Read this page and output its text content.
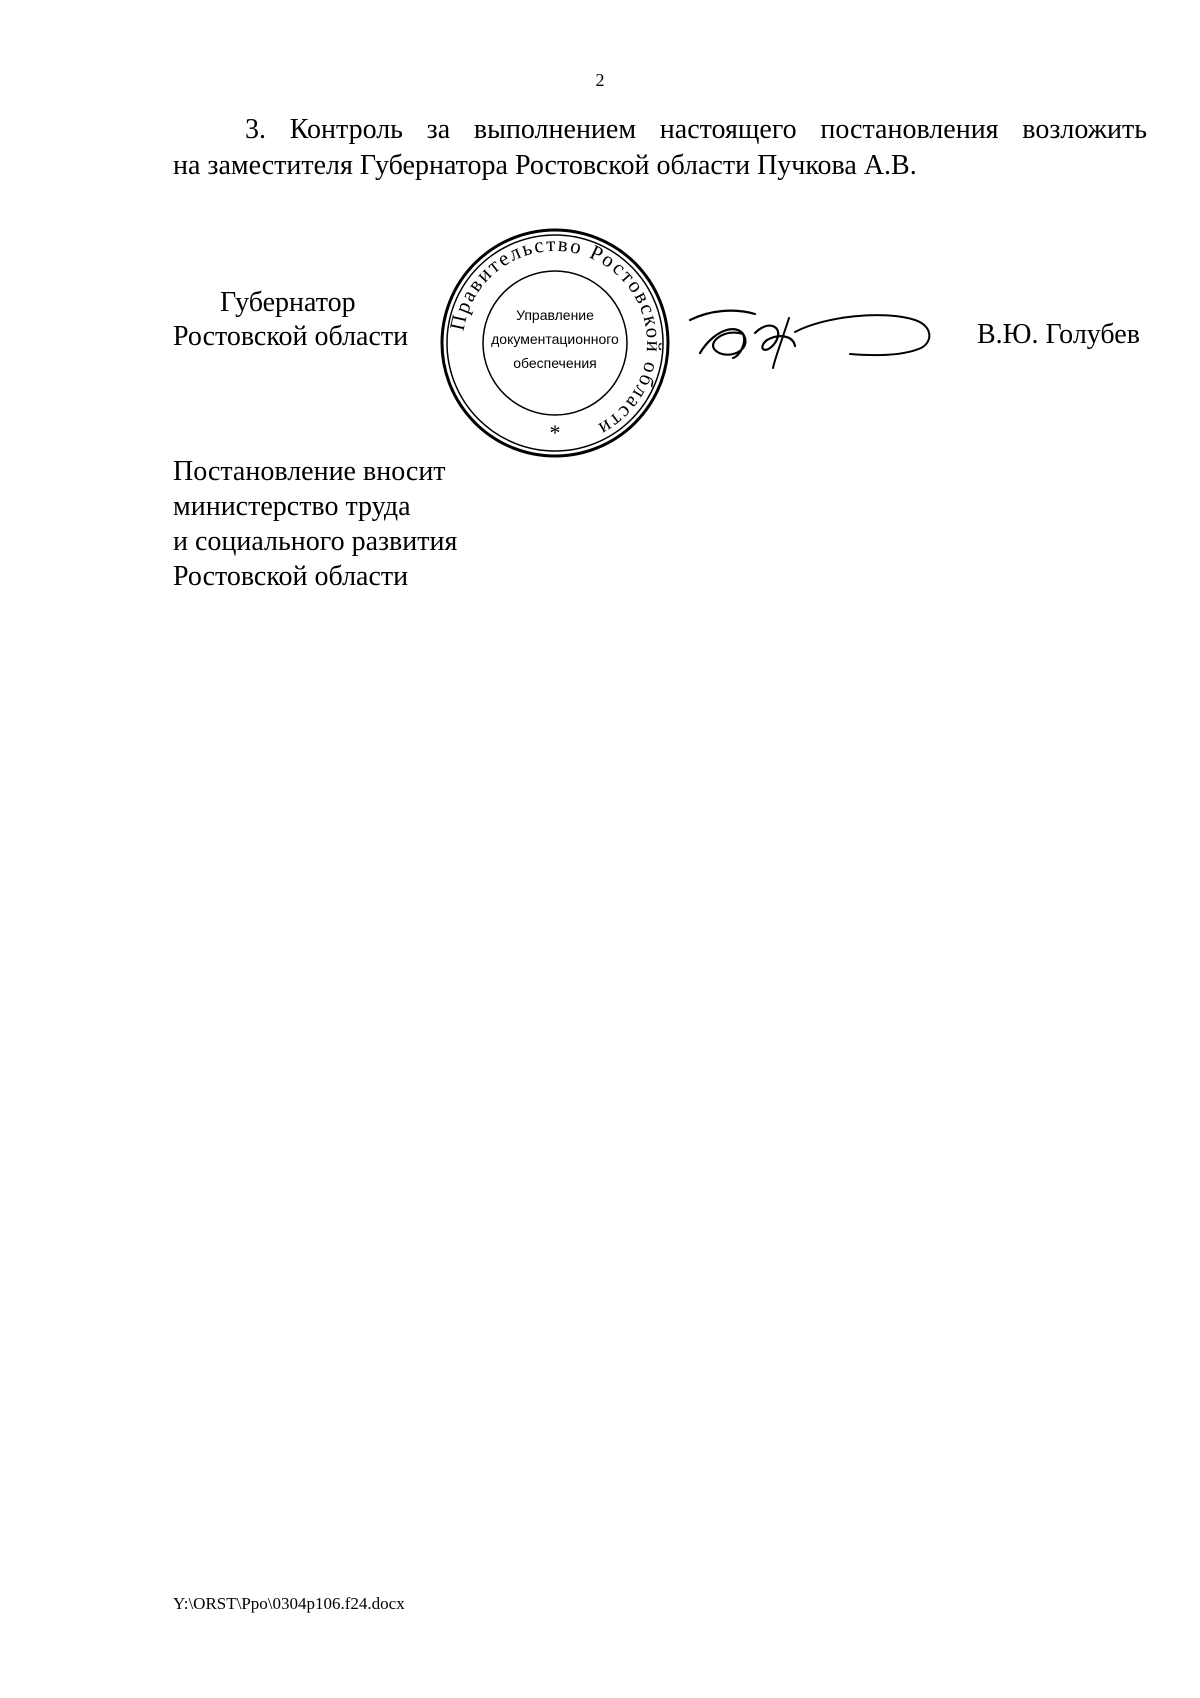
2
3. Контроль за выполнением настоящего постановления возложить
на заместителя Губернатора Ростовской области Пучкова А.В.
Губернатор
Ростовской области Правительство Ростовской области
Управление
документационного
обеспечения
*
В.Ю. Голубев
Постановление вносит
министерство труда
и социального развития
Ростовской области
Y:\ORST\Ppo\0304p106.f24.docx
